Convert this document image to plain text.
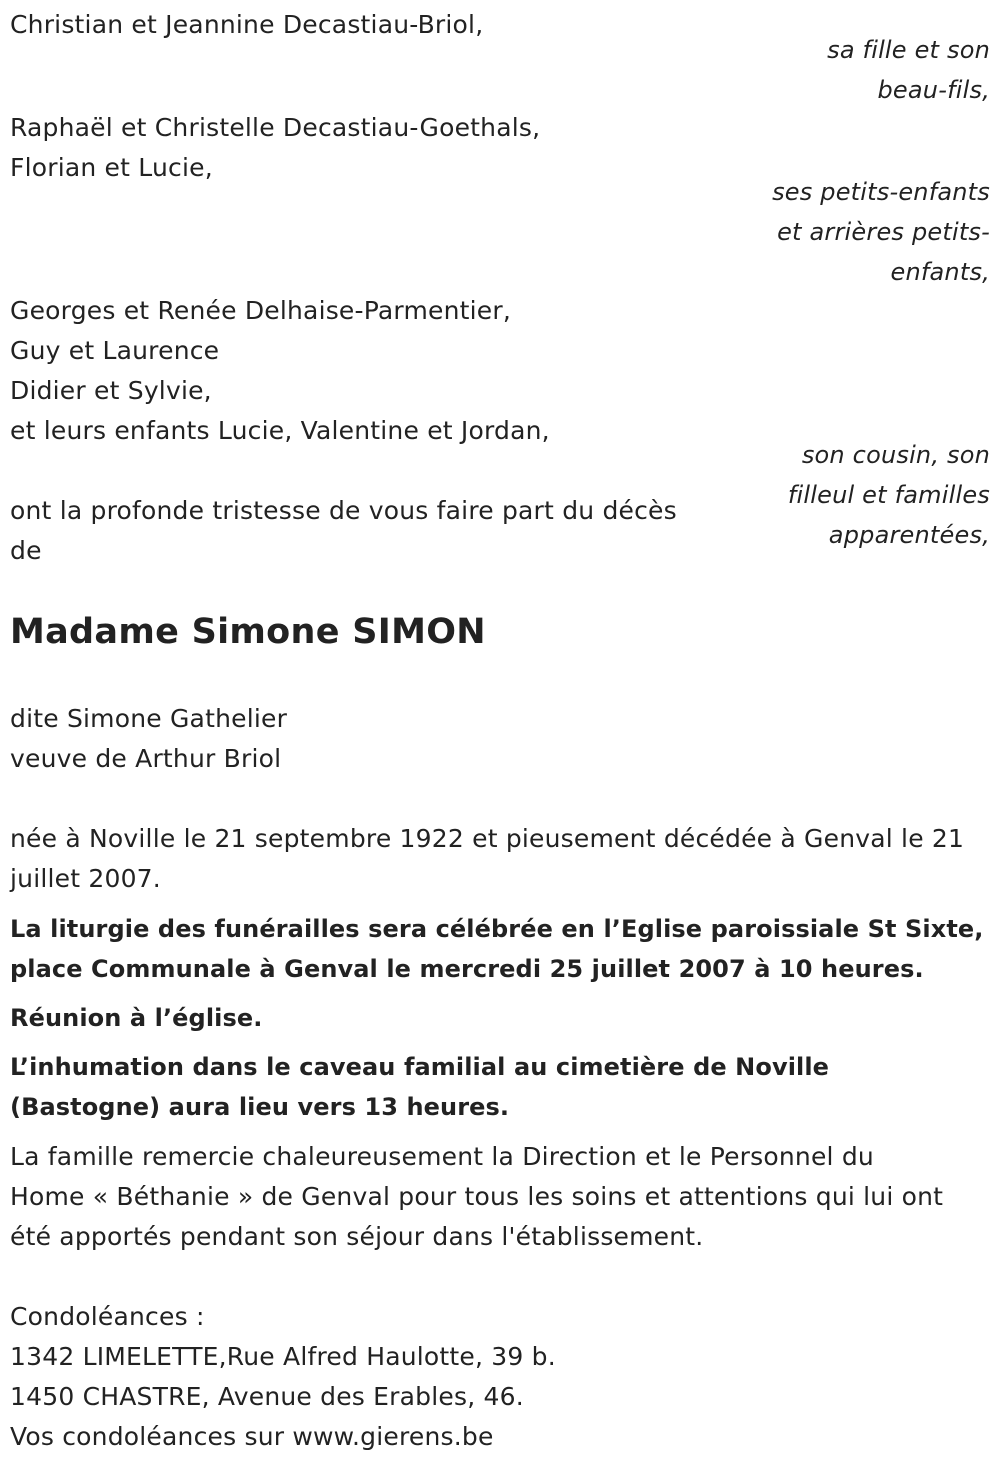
Christian et Jeannine Decastiau-Briol,
sa fille et son
beau-fils,
Raphaël et Christelle Decastiau-Goethals,
Florian et Lucie,
ses petits-enfants
et arrières petits-
enfants,
Georges et Renée Delhaise-Parmentier,
Guy et Laurence
Didier et Sylvie,
et leurs enfants Lucie, Valentine et Jordan,
son cousin, son
filleul et familles
apparentées,
ont la profonde tristesse de vous faire part du décès
de
Madame Simone SIMON
dite Simone Gathelier
veuve de Arthur Briol
née à Noville le 21 septembre 1922 et pieusement décédée à Genval le 21
juillet 2007.
La liturgie des funérailles sera célébrée en l’Eglise paroissiale St Sixte,
place Communale à Genval le mercredi 25 juillet 2007 à 10 heures.
Réunion à l’église.
L’inhumation dans le caveau familial au cimetière de Noville
(Bastogne) aura lieu vers 13 heures.
La famille remercie chaleureusement la Direction et le Personnel du
Home « Béthanie » de Genval pour tous les soins et attentions qui lui ont
été apportés pendant son séjour dans l'établissement.
Condoléances :
1342 LIMELETTE,Rue Alfred Haulotte, 39 b.
1450 CHASTRE, Avenue des Erables, 46.
Vos condoléances sur www.gierens.be
